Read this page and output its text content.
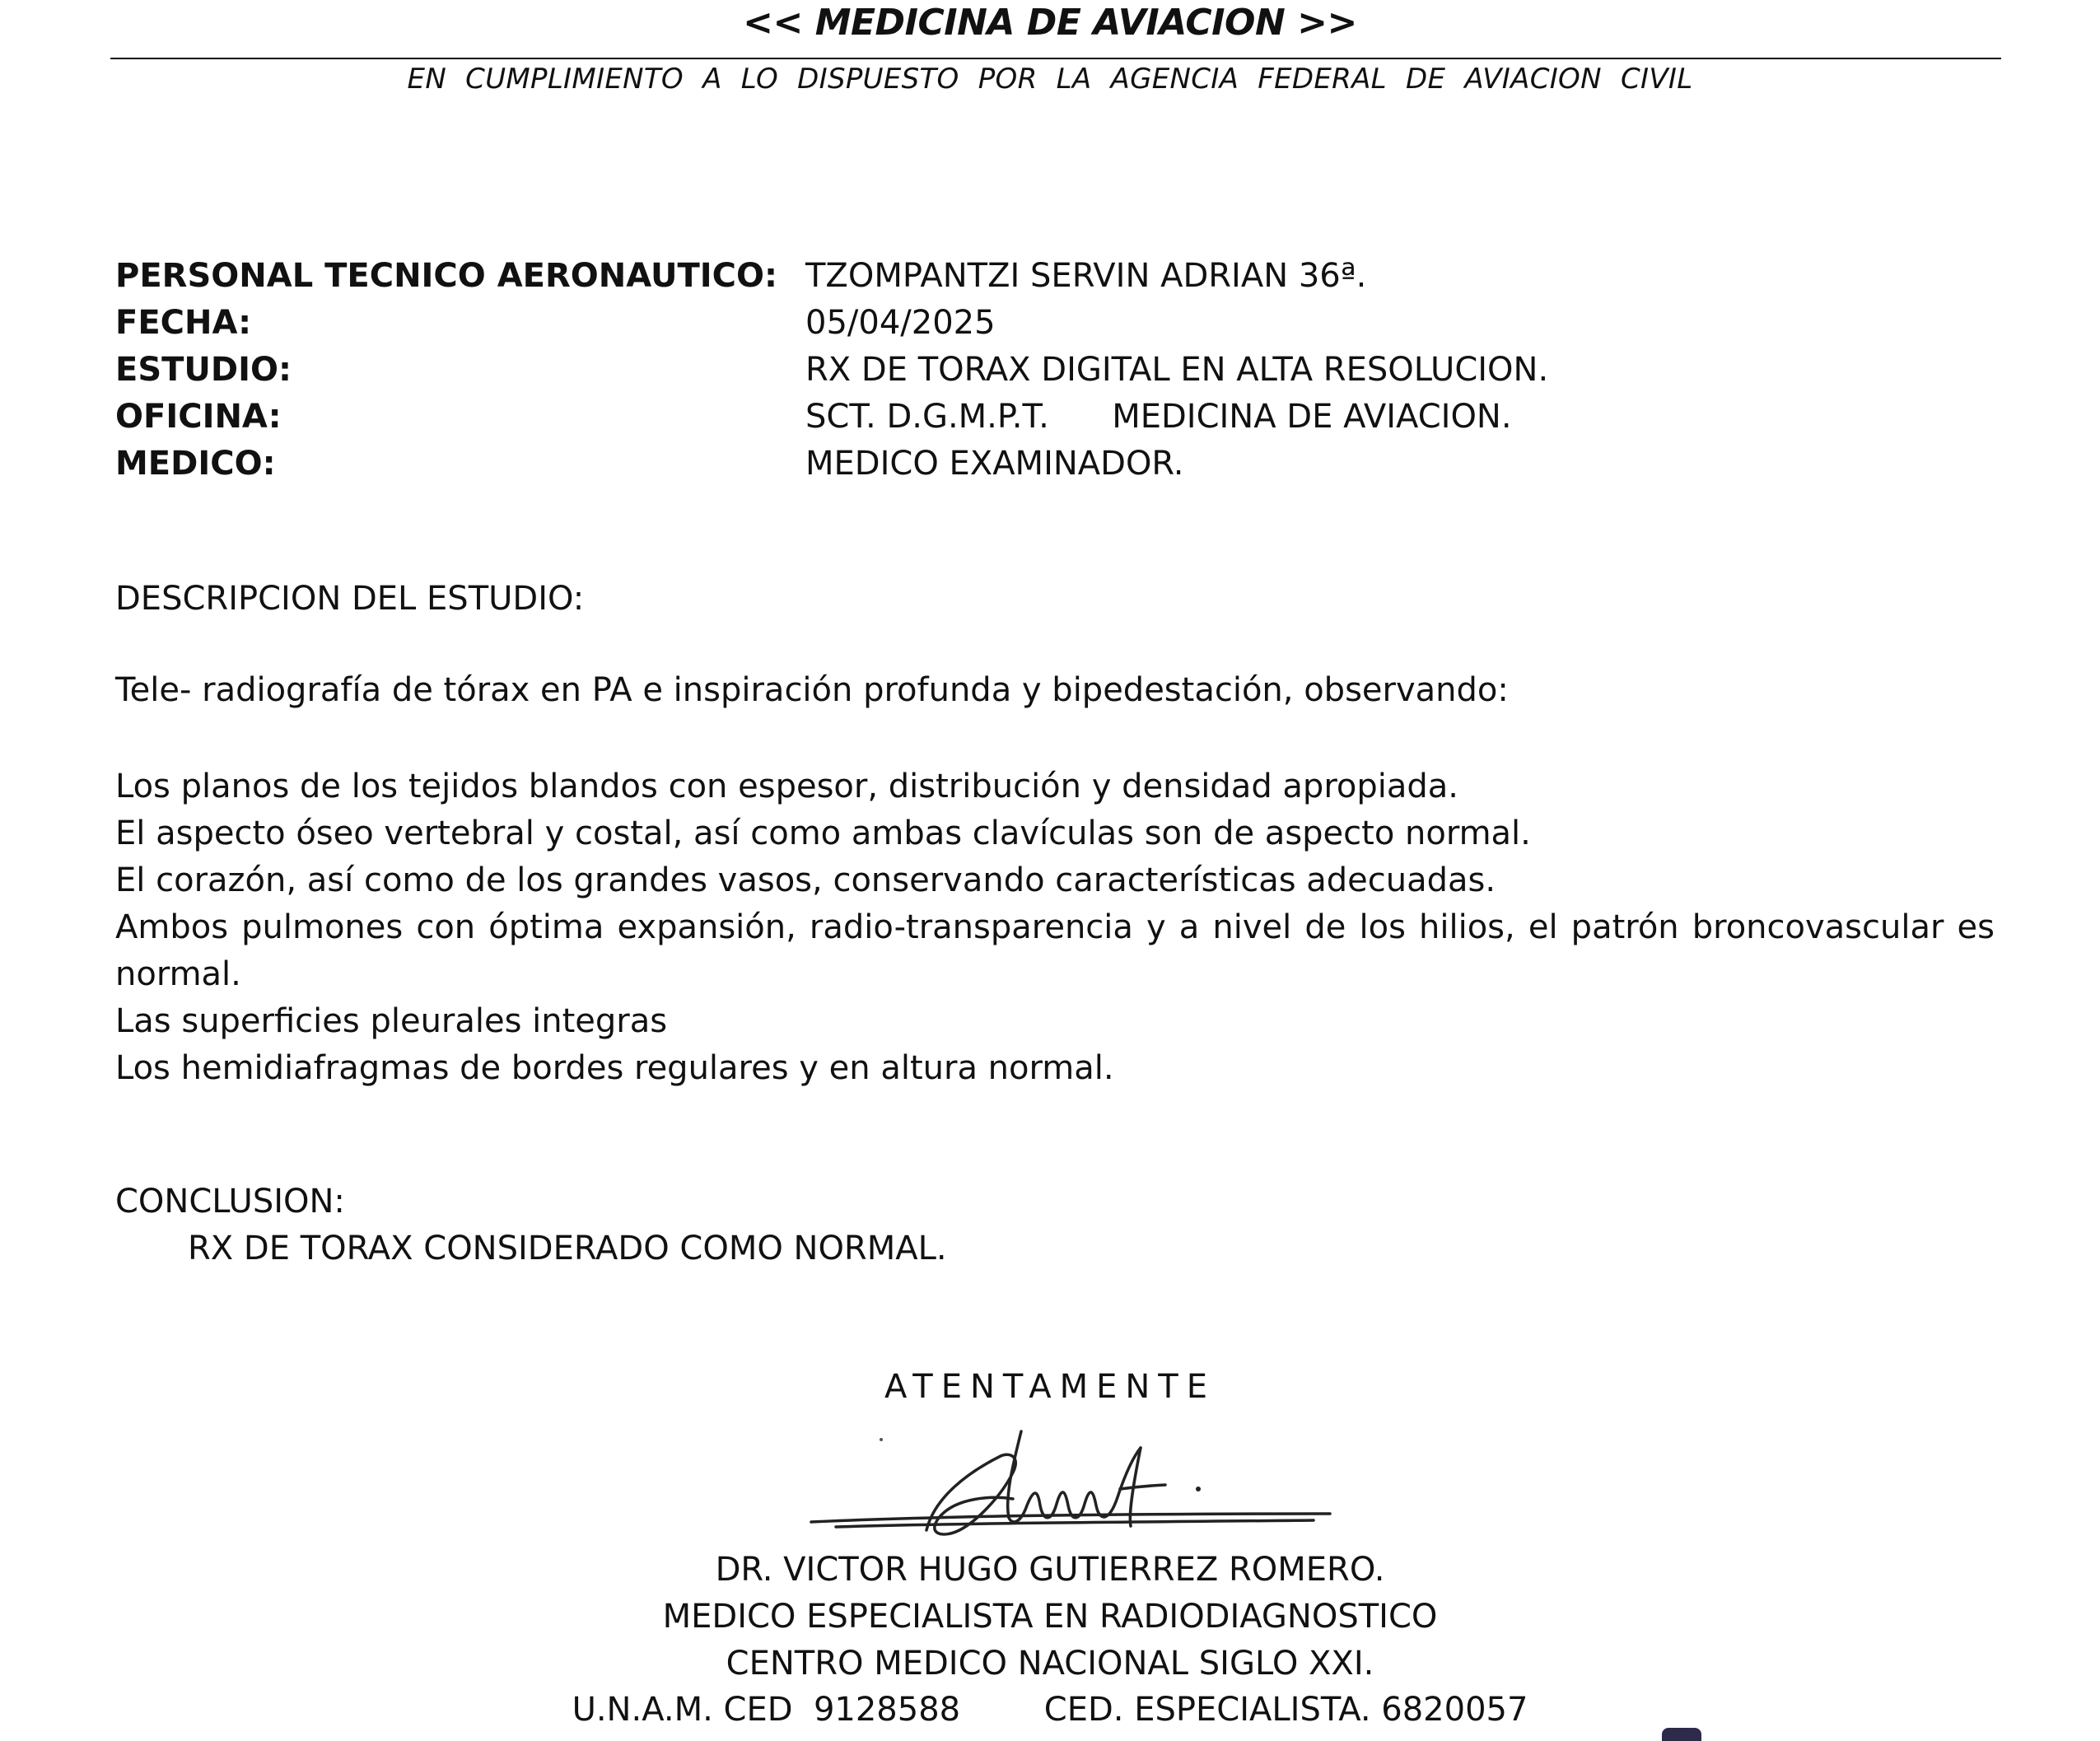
<< MEDICINA DE AVIACION >>
EN CUMPLIMIENTO A LO DISPUESTO POR LA AGENCIA FEDERAL DE AVIACION CIVIL
PERSONAL TECNICO AERONAUTICO: TZOMPANTZI SERVIN ADRIAN 36ª.
FECHA:	05/04/2025
ESTUDIO:	RX DE TORAX DIGITAL EN ALTA RESOLUCION.
OFICINA:	SCT. D.G.M.P.T.      MEDICINA DE AVIACION.
MEDICO:	MEDICO EXAMINADOR.
DESCRIPCION DEL ESTUDIO:
Tele- radiografía de tórax en PA e inspiración profunda y bipedestación, observando:

Los planos de los tejidos blandos con espesor, distribución y densidad apropiada.

El aspecto óseo vertebral y costal, así como ambas clavículas son de aspecto normal.

El corazón, así como de los grandes vasos, conservando características adecuadas.

Ambos pulmones con óptima expansión, radio-transparencia y a nivel de los hilios, el patrón broncovascular es normal.

Las superficies pleurales integras

Los hemidiafragmas de bordes regulares y en altura normal.

CONCLUSION:
RX DE TORAX CONSIDERADO COMO NORMAL.
ATENTAMENTE
DR. VICTOR HUGO GUTIERREZ ROMERO.
MEDICO ESPECIALISTA EN RADIODIAGNOSTICO
CENTRO MEDICO NACIONAL SIGLO XXI.
U.N.A.M. CED  9128588        CED. ESPECIALISTA. 6820057
